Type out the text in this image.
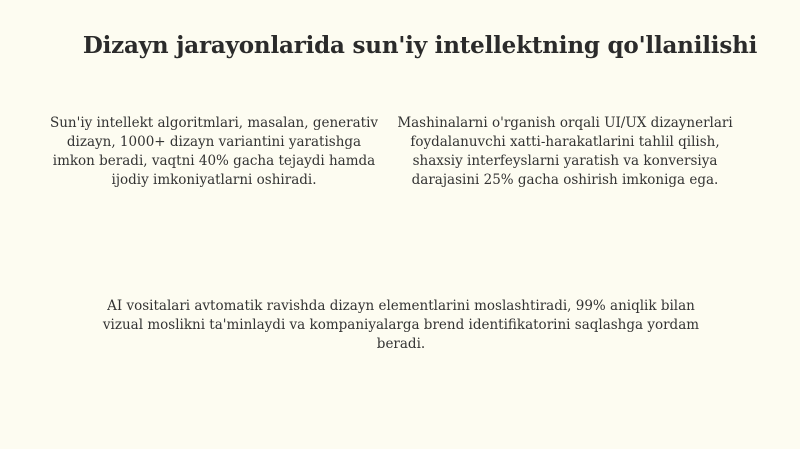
Dizayn jarayonlarida sun'iy intellektning qo'llanilishi
Sun'iy intellekt algoritmlari, masalan, generativ dizayn, 1000+ dizayn variantini yaratishga imkon beradi, vaqtni 40% gacha tejaydi hamda ijodiy imkoniyatlarni oshiradi.
Mashinalarni o'rganish orqali UI/UX dizaynerlari foydalanuvchi xatti-harakatlarini tahlil qilish, shaxsiy interfeyslarni yaratish va konversiya darajasini 25% gacha oshirish imkoniga ega.
AI vositalari avtomatik ravishda dizayn elementlarini moslashtiradi, 99% aniqlik bilan vizual moslikni ta'minlaydi va kompaniyalarga brend identifikatorini saqlashga yordam beradi.
